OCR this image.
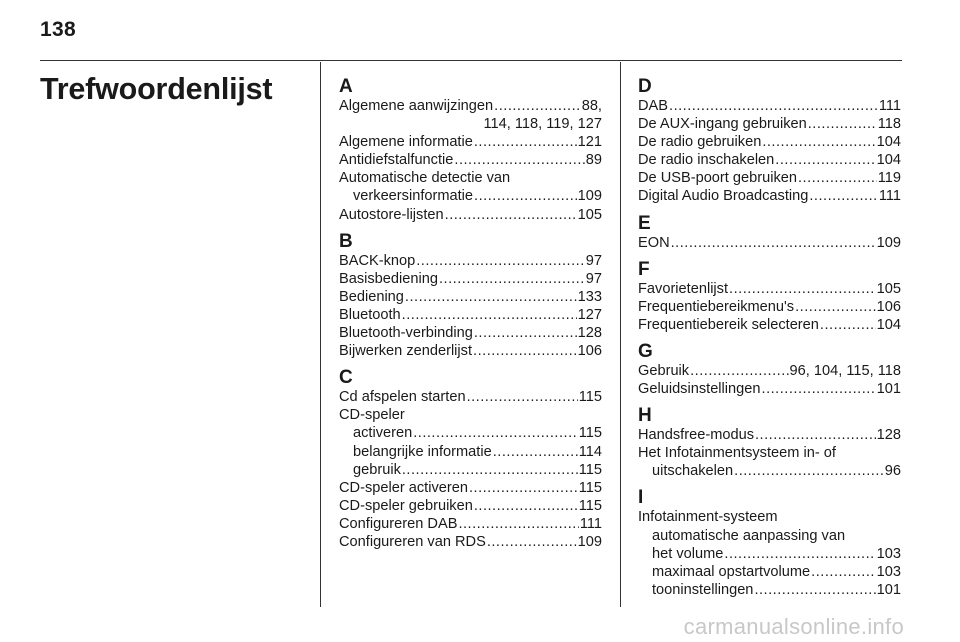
138
Trefwoordenlijst	A
Algemene aanwijzingen .....	88,
114, 118, 119, 127
Algemene informatie .....	121
Antidiefstalfunctie .....	89
Automatische detectie van
verkeersinformatie .....	109
Autostore-lijsten .....	105
B
BACK-knop .....	97
Basisbediening .....	97
Bediening .....	133
Bluetooth .....	127
Bluetooth-verbinding .....	128
Bijwerken zenderlijst .....	106
C
Cd afspelen starten .....	115
CD-speler
activeren .....	115
belangrijke informatie .....	114
gebruik .....	115
CD-speler activeren .....	115
CD-speler gebruiken .....	115
Configureren DAB .....	111
Configureren van RDS .....	109
D
DAB .....	111
De AUX-ingang gebruiken .....	118
De radio gebruiken .....	104
De radio inschakelen .....	104
De USB-poort gebruiken .....	119
Digital Audio Broadcasting .....	111
E
EON .....	109
F
Favorietenlijst .....	105
Frequentiebereikmenu's .....	106
Frequentiebereik selecteren .....	104
G
Gebruik .....	96, 104, 115, 118
Geluidsinstellingen .....	101
H
Handsfree-modus .....	128
Het Infotainmentsysteem in- of
uitschakelen .....	96
I
Infotainment-systeem
automatische aanpassing van
het volume .....	103
maximaal opstartvolume .....	103
tooninstellingen .....	101
carmanualsonline.info
